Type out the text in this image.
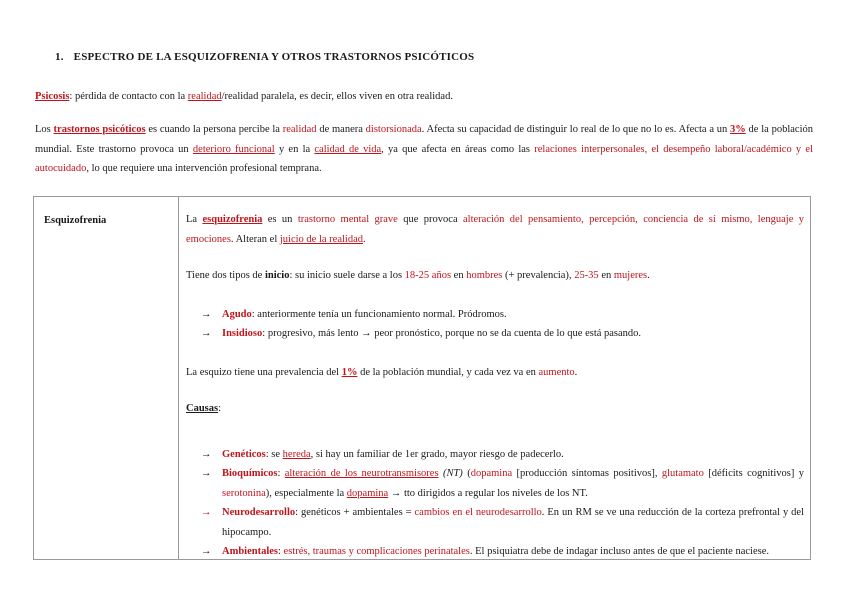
1. ESPECTRO DE LA ESQUIZOFRENIA Y OTROS TRASTORNOS PSICÓTICOS
Psicosis: pérdida de contacto con la realidad/realidad paralela, es decir, ellos viven en otra realidad.
Los trastornos psicóticos es cuando la persona percibe la realidad de manera distorsionada. Afecta su capacidad de distinguir lo real de lo que no lo es. Afecta a un 3% de la población mundial. Este trastorno provoca un deterioro funcional y en la calidad de vida, ya que afecta en áreas como las relaciones interpersonales, el desempeño laboral/académico y el autocuidado, lo que requiere una intervención profesional temprana.
Esquizofrenia	La esquizofrenia es un trastorno mental grave que provoca alteración del pensamiento, percepción, conciencia de sí mismo, lenguaje y emociones. Alteran el juicio de la realidad.

Tiene dos tipos de inicio: su inicio suele darse a los 18-25 años en hombres (+ prevalencia), 25-35 en mujeres.

→ Agudo: anteriormente tenía un funcionamiento normal. Pródromos.
→ Insidioso: progresivo, más lento → peor pronóstico, porque no se da cuenta de lo que está pasando.

La esquizo tiene una prevalencia del 1% de la población mundial, y cada vez va en aumento.

Causas:

→ Genéticos: se hereda, si hay un familiar de 1er grado, mayor riesgo de padecerlo.
→ Bioquímicos: alteración de los neurotransmisores (NT) (dopamina [producción síntomas positivos], glutamato [déficits cognitivos] y serotonina), especialmente la dopamina → tto dirigidos a regular los niveles de los NT.
→ Neurodesarrollo: genéticos + ambientales = cambios en el neurodesarrollo. En un RM se ve una reducción de la corteza prefrontal y del hipocampo.
→ Ambientales: estrés, traumas y complicaciones perinatales. El psiquiatra debe de indagar incluso antes de que el paciente naciese.
